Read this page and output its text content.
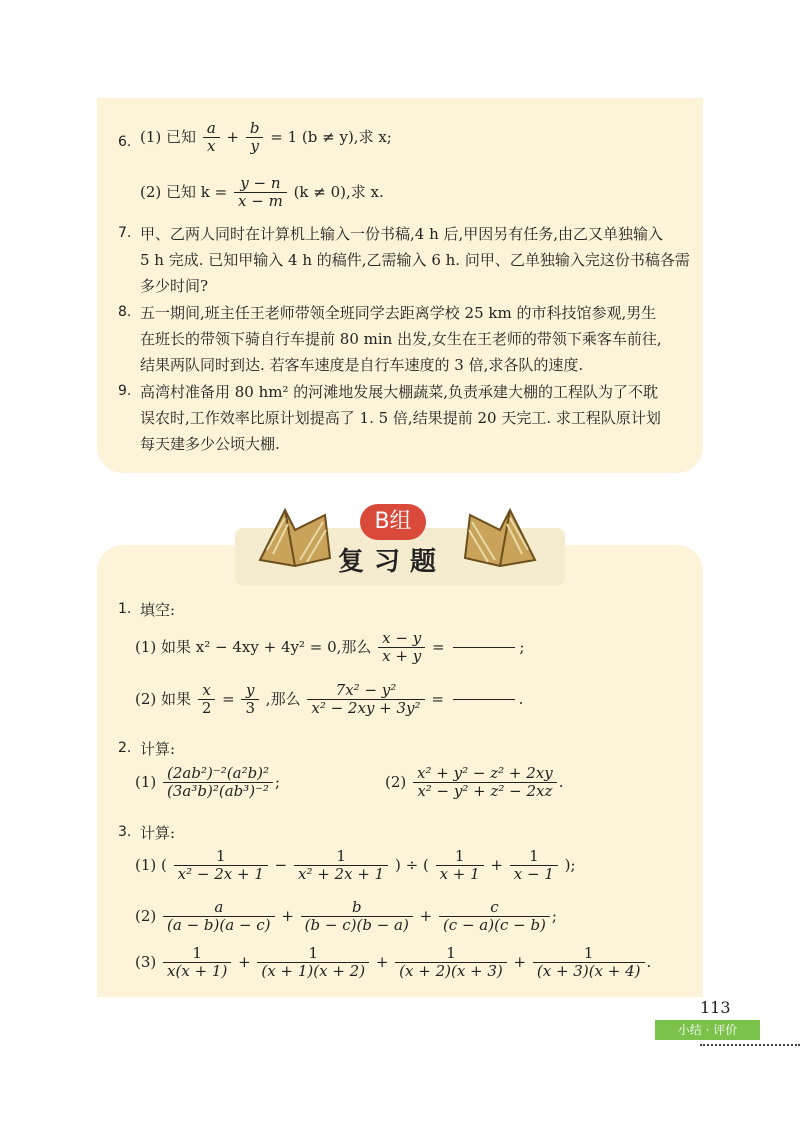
6. (1) 已知 $\frac{a}{x} + \frac{b}{y} = 1$ (b ≠ y),求 x;
(2) 已知 $k = \frac{y - n}{x - m} (k \ne 0)$,求 x.
7. 甲、乙两人同时在计算机上输入一份书稿,4 h 后,甲因另有任务,由乙又单独输入
5 h 完成. 已知甲输入 4 h 的稿件,乙需输入 6 h. 问甲、乙单独输入完这份书稿各需
多少时间?
8. 五一期间,班主任王老师带领全班同学去距离学校 25 km 的市科技馆参观,男生
在班长的带领下骑自行车提前 80 min 出发,女生在王老师的带领下乘客车前往,
结果两队同时到达. 若客车速度是自行车速度的 3 倍,求各队的速度.
9. 高湾村准备用 80 hm² 的河滩地发展大棚蔬菜,负责承建大棚的工程队为了不耽
误农时,工作效率比原计划提高了 1. 5 倍,结果提前 20 天完工. 求工程队原计划
每天建多少公顷大棚.
B组
复习题
1. 填空:
(1) 如果 x² − 4xy + 4y² = 0,那么 $\frac{x - y}{x + y}$ =	;
(2) 如果 $\frac{x}{2} = \frac{y}{3}$ ,那么 $\frac{\text{7x² − y²}}{\text{x² − 2xy + 3y²}}$ =	.
2. 计算:
$(1) \frac{\text{(2ab²)⁻²(a²b)²}}{\text{(3a³b)²(ab³)⁻²}}$ ;	$(2) \frac{\text{x² + y² − z² + 2xy}}{\text{x² − y² + z² − 2xz}}$ .
3. 计算:
(1) ( $\frac{1}{\text{x² − 2x + 1}} - \frac{1}{\text{x² + 2x + 1}}$ ) ÷ ( $\frac{1}{x + 1} + \frac{1}{x - 1}$ );
$(2) \frac{a}{(a - b)(a - c)} + \frac{b}{(b - c)(b - a)} + \frac{c}{(c - a)(c - b)}$ ;
$(3) \frac{1}{x(x + 1)} + \frac{1}{(x + 1)(x + 2)} + \frac{1}{(x + 2)(x + 3)} + \frac{1}{(x + 3)(x + 4)}$ .
113
小结 · 评价
